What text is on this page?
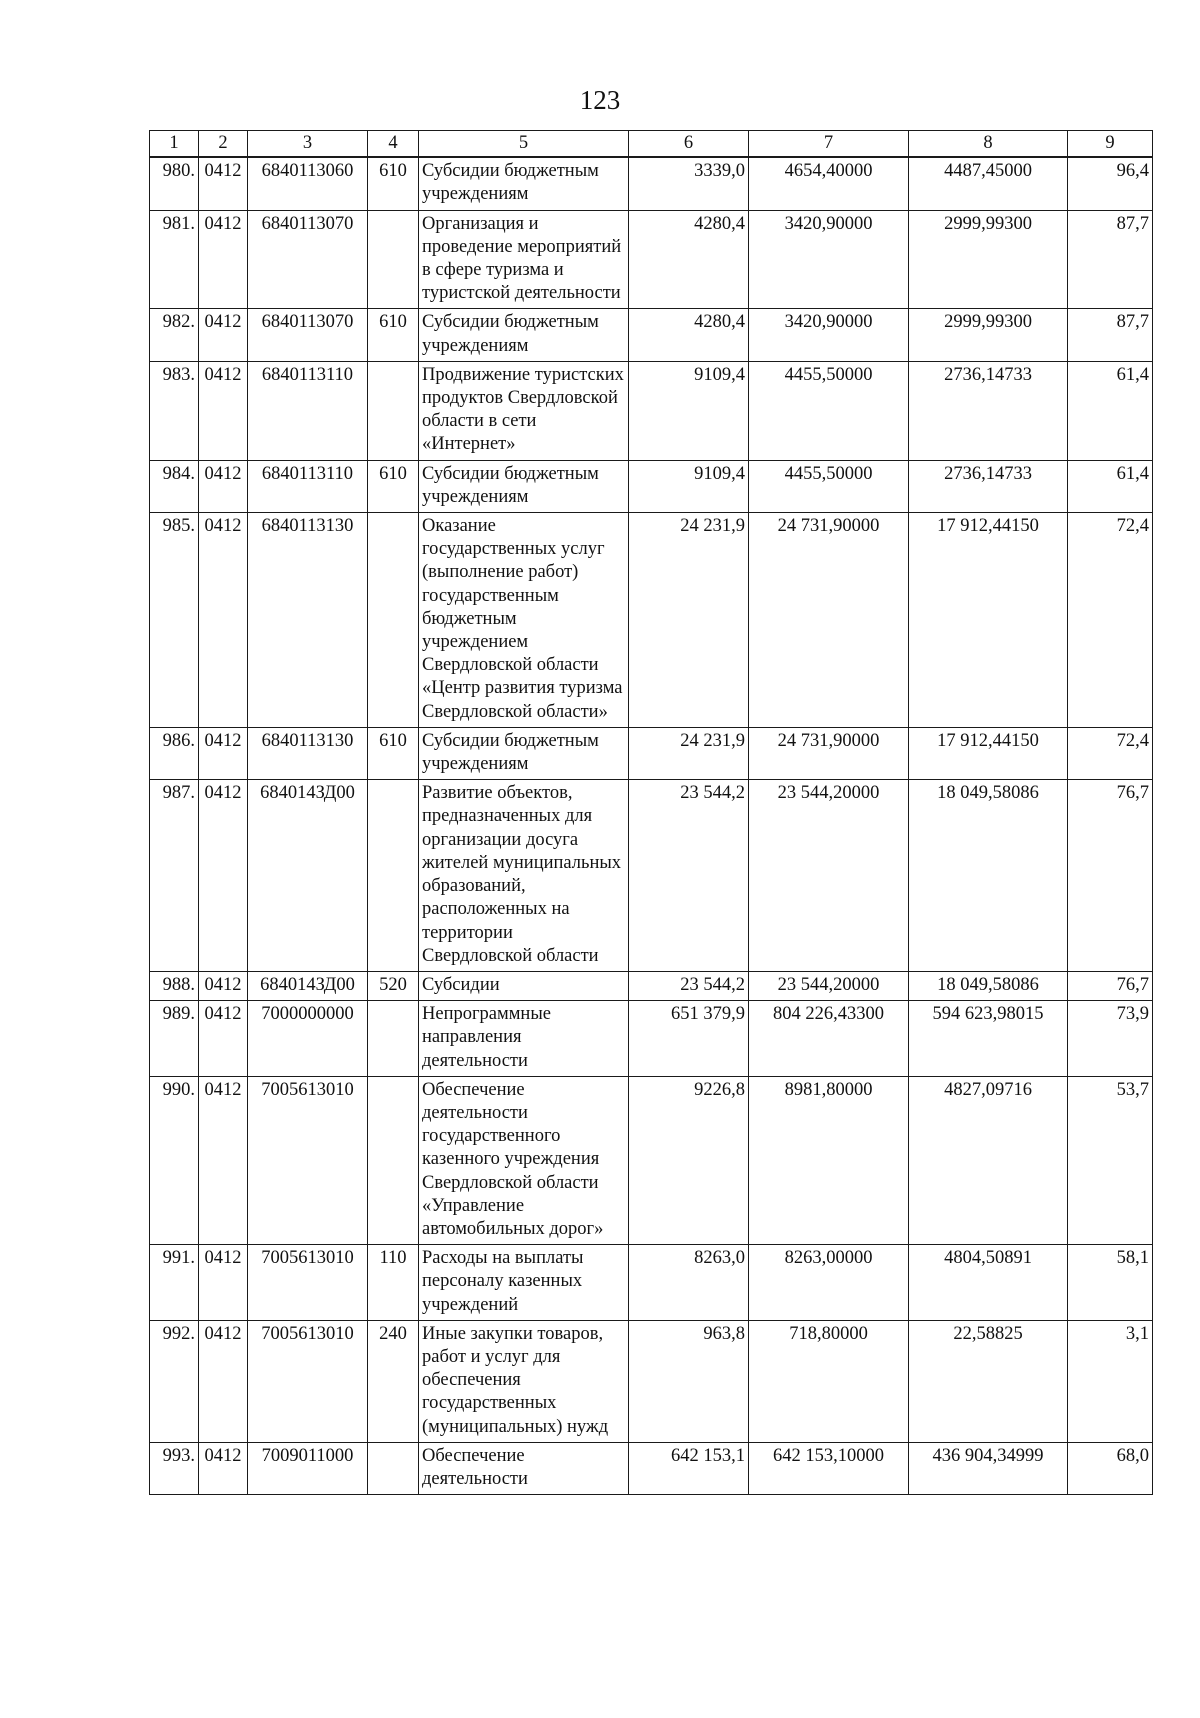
123
1	2	3	4	5	6	7	8	9
980.	0412	6840113060	610	Субсидии бюджетным учреждениям	3339,0	4654,40000	4487,45000	96,4
981.	0412	6840113070		Организация и проведение мероприятий в сфере туризма и туристской деятельности	4280,4	3420,90000	2999,99300	87,7
982.	0412	6840113070	610	Субсидии бюджетным учреждениям	4280,4	3420,90000	2999,99300	87,7
983.	0412	6840113110		Продвижение туристских продуктов Свердловской области в сети «Интернет»	9109,4	4455,50000	2736,14733	61,4
984.	0412	6840113110	610	Субсидии бюджетным учреждениям	9109,4	4455,50000	2736,14733	61,4
985.	0412	6840113130		Оказание государственных услуг (выполнение работ) государственным бюджетным учреждением Свердловской области «Центр развития туризма Свердловской области»	24 231,9	24 731,90000	17 912,44150	72,4
986.	0412	6840113130	610	Субсидии бюджетным учреждениям	24 231,9	24 731,90000	17 912,44150	72,4
987.	0412	684014ЗД00		Развитие объектов, предназначенных для организации досуга жителей муниципальных образований, расположенных на территории Свердловской области	23 544,2	23 544,20000	18 049,58086	76,7
988.	0412	684014ЗД00	520	Субсидии	23 544,2	23 544,20000	18 049,58086	76,7
989.	0412	7000000000		Непрограммные направления деятельности	651 379,9	804 226,43300	594 623,98015	73,9
990.	0412	7005613010		Обеспечение деятельности государственного казенного учреждения Свердловской области «Управление автомобильных дорог»	9226,8	8981,80000	4827,09716	53,7
991.	0412	7005613010	110	Расходы на выплаты персоналу казенных учреждений	8263,0	8263,00000	4804,50891	58,1
992.	0412	7005613010	240	Иные закупки товаров, работ и услуг для обеспечения государственных (муниципальных) нужд	963,8	718,80000	22,58825	3,1
993.	0412	7009011000		Обеспечение деятельности	642 153,1	642 153,10000	436 904,34999	68,0
